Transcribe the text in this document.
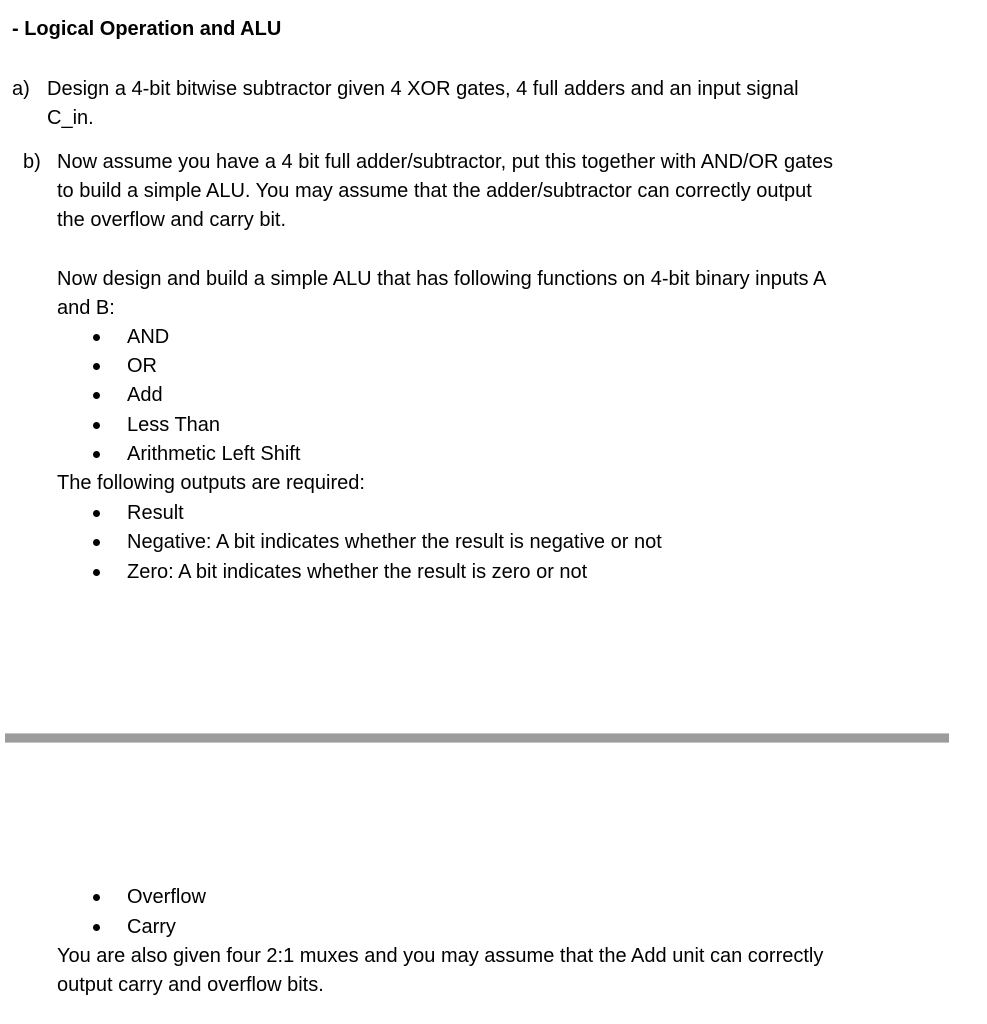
- Logical Operation and ALU
a) Design a 4-bit bitwise subtractor given 4 XOR gates, 4 full adders and an input signal
C_in.
b) Now assume you have a 4 bit full adder/subtractor, put this together with AND/OR gates
to build a simple ALU. You may assume that the adder/subtractor can correctly output
the overflow and carry bit.
Now design and build a simple ALU that has following functions on 4-bit binary inputs A
and B:
AND
OR
Add
Less Than
Arithmetic Left Shift
The following outputs are required:
Result
Negative: A bit indicates whether the result is negative or not
Zero: A bit indicates whether the result is zero or not
Overflow
Carry
You are also given four 2:1 muxes and you may assume that the Add unit can correctly
output carry and overflow bits.
